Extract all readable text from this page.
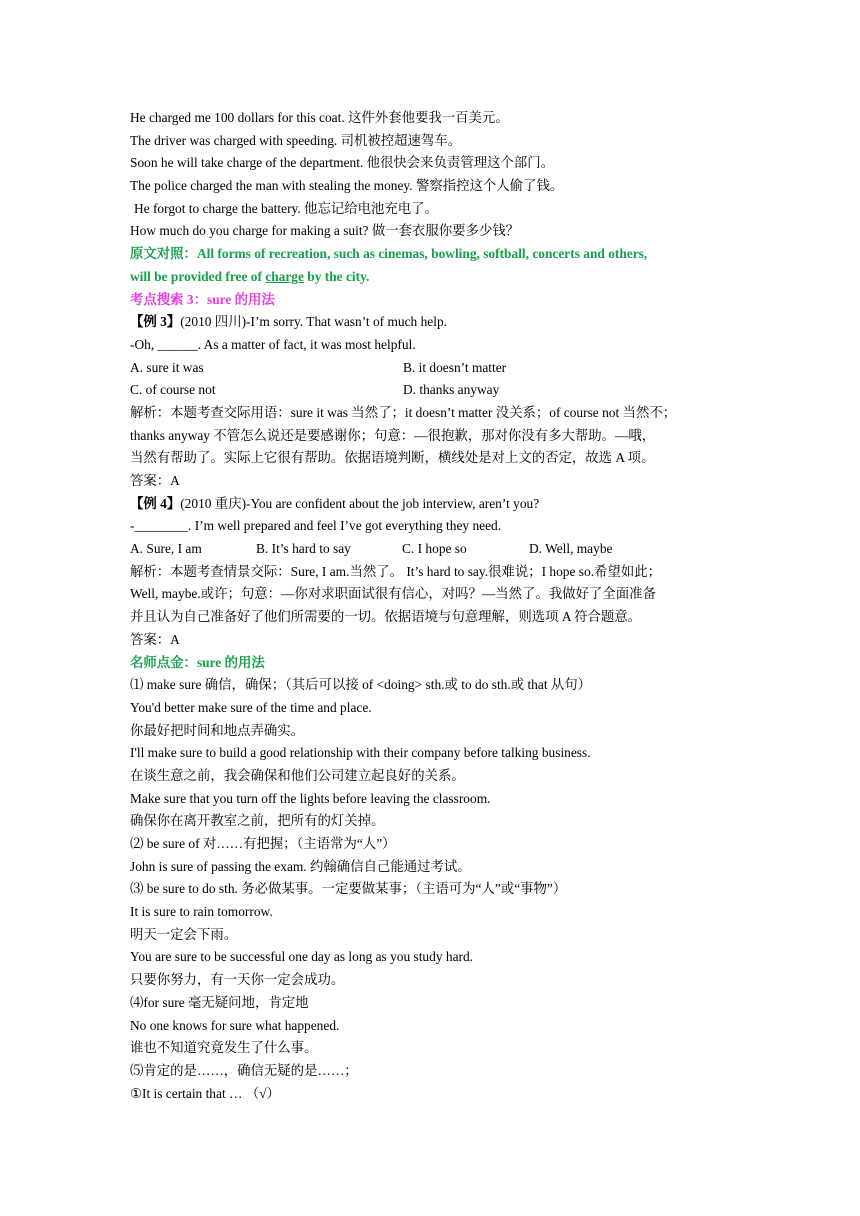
He charged me 100 dollars for this coat. 这件外套他要我一百美元。
The driver was charged with speeding. 司机被控超速驾车。
Soon he will take charge of the department. 他很快会来负责管理这个部门。
The police charged the man with stealing the money. 警察指控这个人偷了钱。
He forgot to charge the battery. 他忘记给电池充电了。
How much do you charge for making a suit? 做一套衣服你要多少钱？
原文对照：All forms of recreation, such as cinemas, bowling, softball, concerts and others,
will be provided free of charge by the city.
考点搜索 3：sure 的用法
【例 3】(2010 四川)-I’m sorry. That wasn’t of much help.
-Oh, ______. As a matter of fact, it was most helpful.
A. sure it was	B. it doesn’t matter
C. of course not	D. thanks anyway
解析：本题考查交际用语：sure it was 当然了；it doesn’t matter 没关系；of course not 当然不；
thanks anyway 不管怎么说还是要感谢你；句意：—很抱歉，那对你没有多大帮助。—哦，
当然有帮助了。实际上它很有帮助。依据语境判断，横线处是对上文的否定，故选 A 项。
答案：A
【例 4】(2010 重庆)-You are confident about the job interview, aren’t you?
-________. I’m well prepared and feel I’ve got everything they need.
A. Sure, I am	B. It’s hard to say	C. I hope so	D. Well, maybe
解析：本题考查情景交际：Sure, I am.当然了。 It’s hard to say.很难说；I hope so.希望如此；
Well, maybe.或许；句意：—你对求职面试很有信心，对吗？—当然了。我做好了全面准备
并且认为自己准备好了他们所需要的一切。依据语境与句意理解，则选项 A 符合题意。
答案：A
名师点金：sure 的用法
⑴ make sure 确信，确保；（其后可以接 of <doing> sth.或 to do sth.或 that 从句）
You'd better make sure of the time and place.
你最好把时间和地点弄确实。
I'll make sure to build a good relationship with their company before talking business.
在谈生意之前，我会确保和他们公司建立起良好的关系。
Make sure that you turn off the lights before leaving the classroom.
确保你在离开教室之前，把所有的灯关掉。
⑵ be sure of 对……有把握；（主语常为“人”）
John is sure of passing the exam. 约翰确信自己能通过考试。
⑶ be sure to do sth. 务必做某事。一定要做某事；（主语可为“人”或“事物”）
It is sure to rain tomorrow.
明天一定会下雨。
You are sure to be successful one day as long as you study hard.
只要你努力，有一天你一定会成功。
⑷for sure 毫无疑问地，肯定地
No one knows for sure what happened.
谁也不知道究竟发生了什么事。
⑸肯定的是……，确信无疑的是……；
①It is certain that … （√）
